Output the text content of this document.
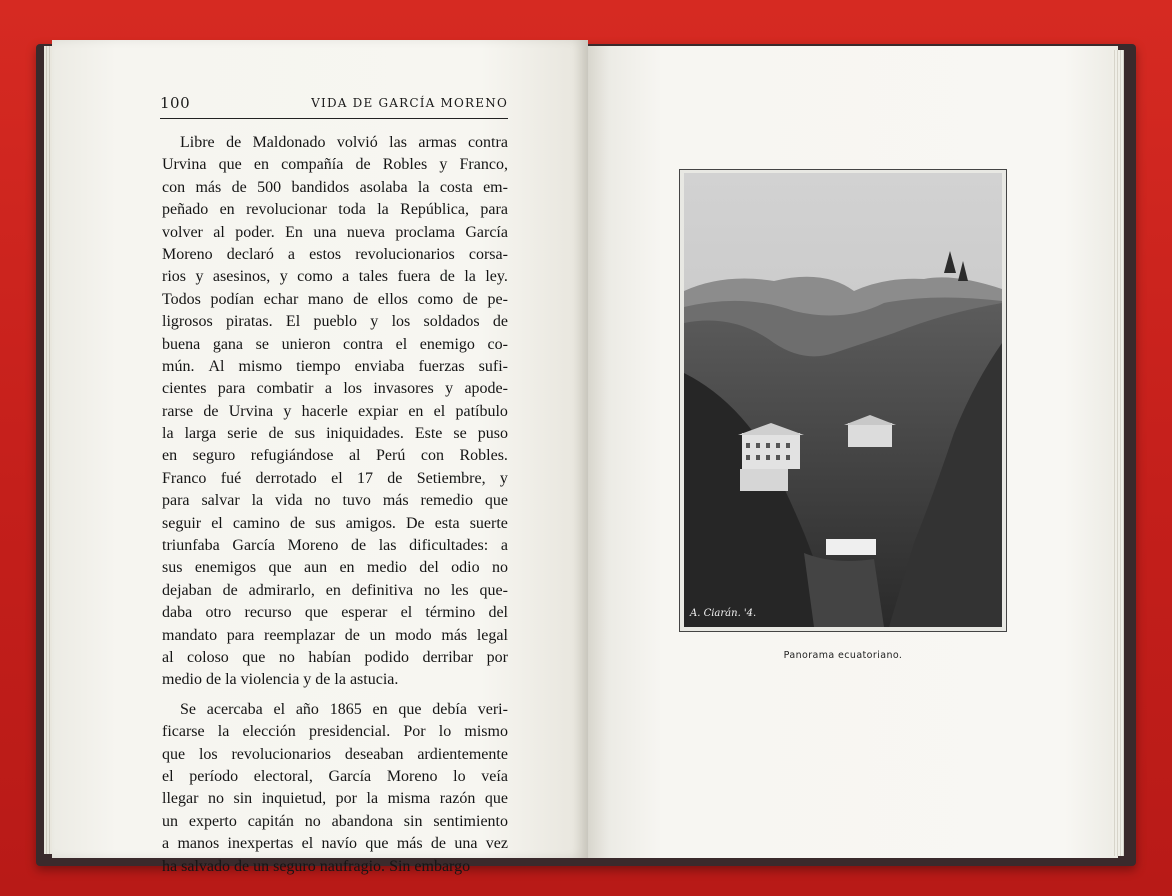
100	VIDA DE GARCÍA MORENO
Libre de Maldonado volvió las armas contra
Urvina que en compañía de Robles y Franco,
con más de 500 bandidos asolaba la costa em-
peñado en revolucionar toda la República, para
volver al poder. En una nueva proclama García
Moreno declaró a estos revolucionarios corsa-
rios y asesinos, y como a tales fuera de la ley.
Todos podían echar mano de ellos como de pe-
ligrosos piratas. El pueblo y los soldados de
buena gana se unieron contra el enemigo co-
mún. Al mismo tiempo enviaba fuerzas sufi-
cientes para combatir a los invasores y apode-
rarse de Urvina y hacerle expiar en el patíbulo
la larga serie de sus iniquidades. Este se puso
en seguro refugiándose al Perú con Robles.
Franco fué derrotado el 17 de Setiembre, y
para salvar la vida no tuvo más remedio que
seguir el camino de sus amigos. De esta suerte
triunfaba García Moreno de las dificultades: a
sus enemigos que aun en medio del odio no
dejaban de admirarlo, en definitiva no les que-
daba otro recurso que esperar el término del
mandato para reemplazar de un modo más legal
al coloso que no habían podido derribar por
medio de la violencia y de la astucia.
Se acercaba el año 1865 en que debía veri-
ficarse la elección presidencial. Por lo mismo
que los revolucionarios deseaban ardientemente
el período electoral, García Moreno lo veía
llegar no sin inquietud, por la misma razón que
un experto capitán no abandona sin sentimiento
a manos inexpertas el navío que más de una vez
ha salvado de un seguro naufragio. Sin embargo
A. Ciarán. '4.
Panorama ecuatoriano.
